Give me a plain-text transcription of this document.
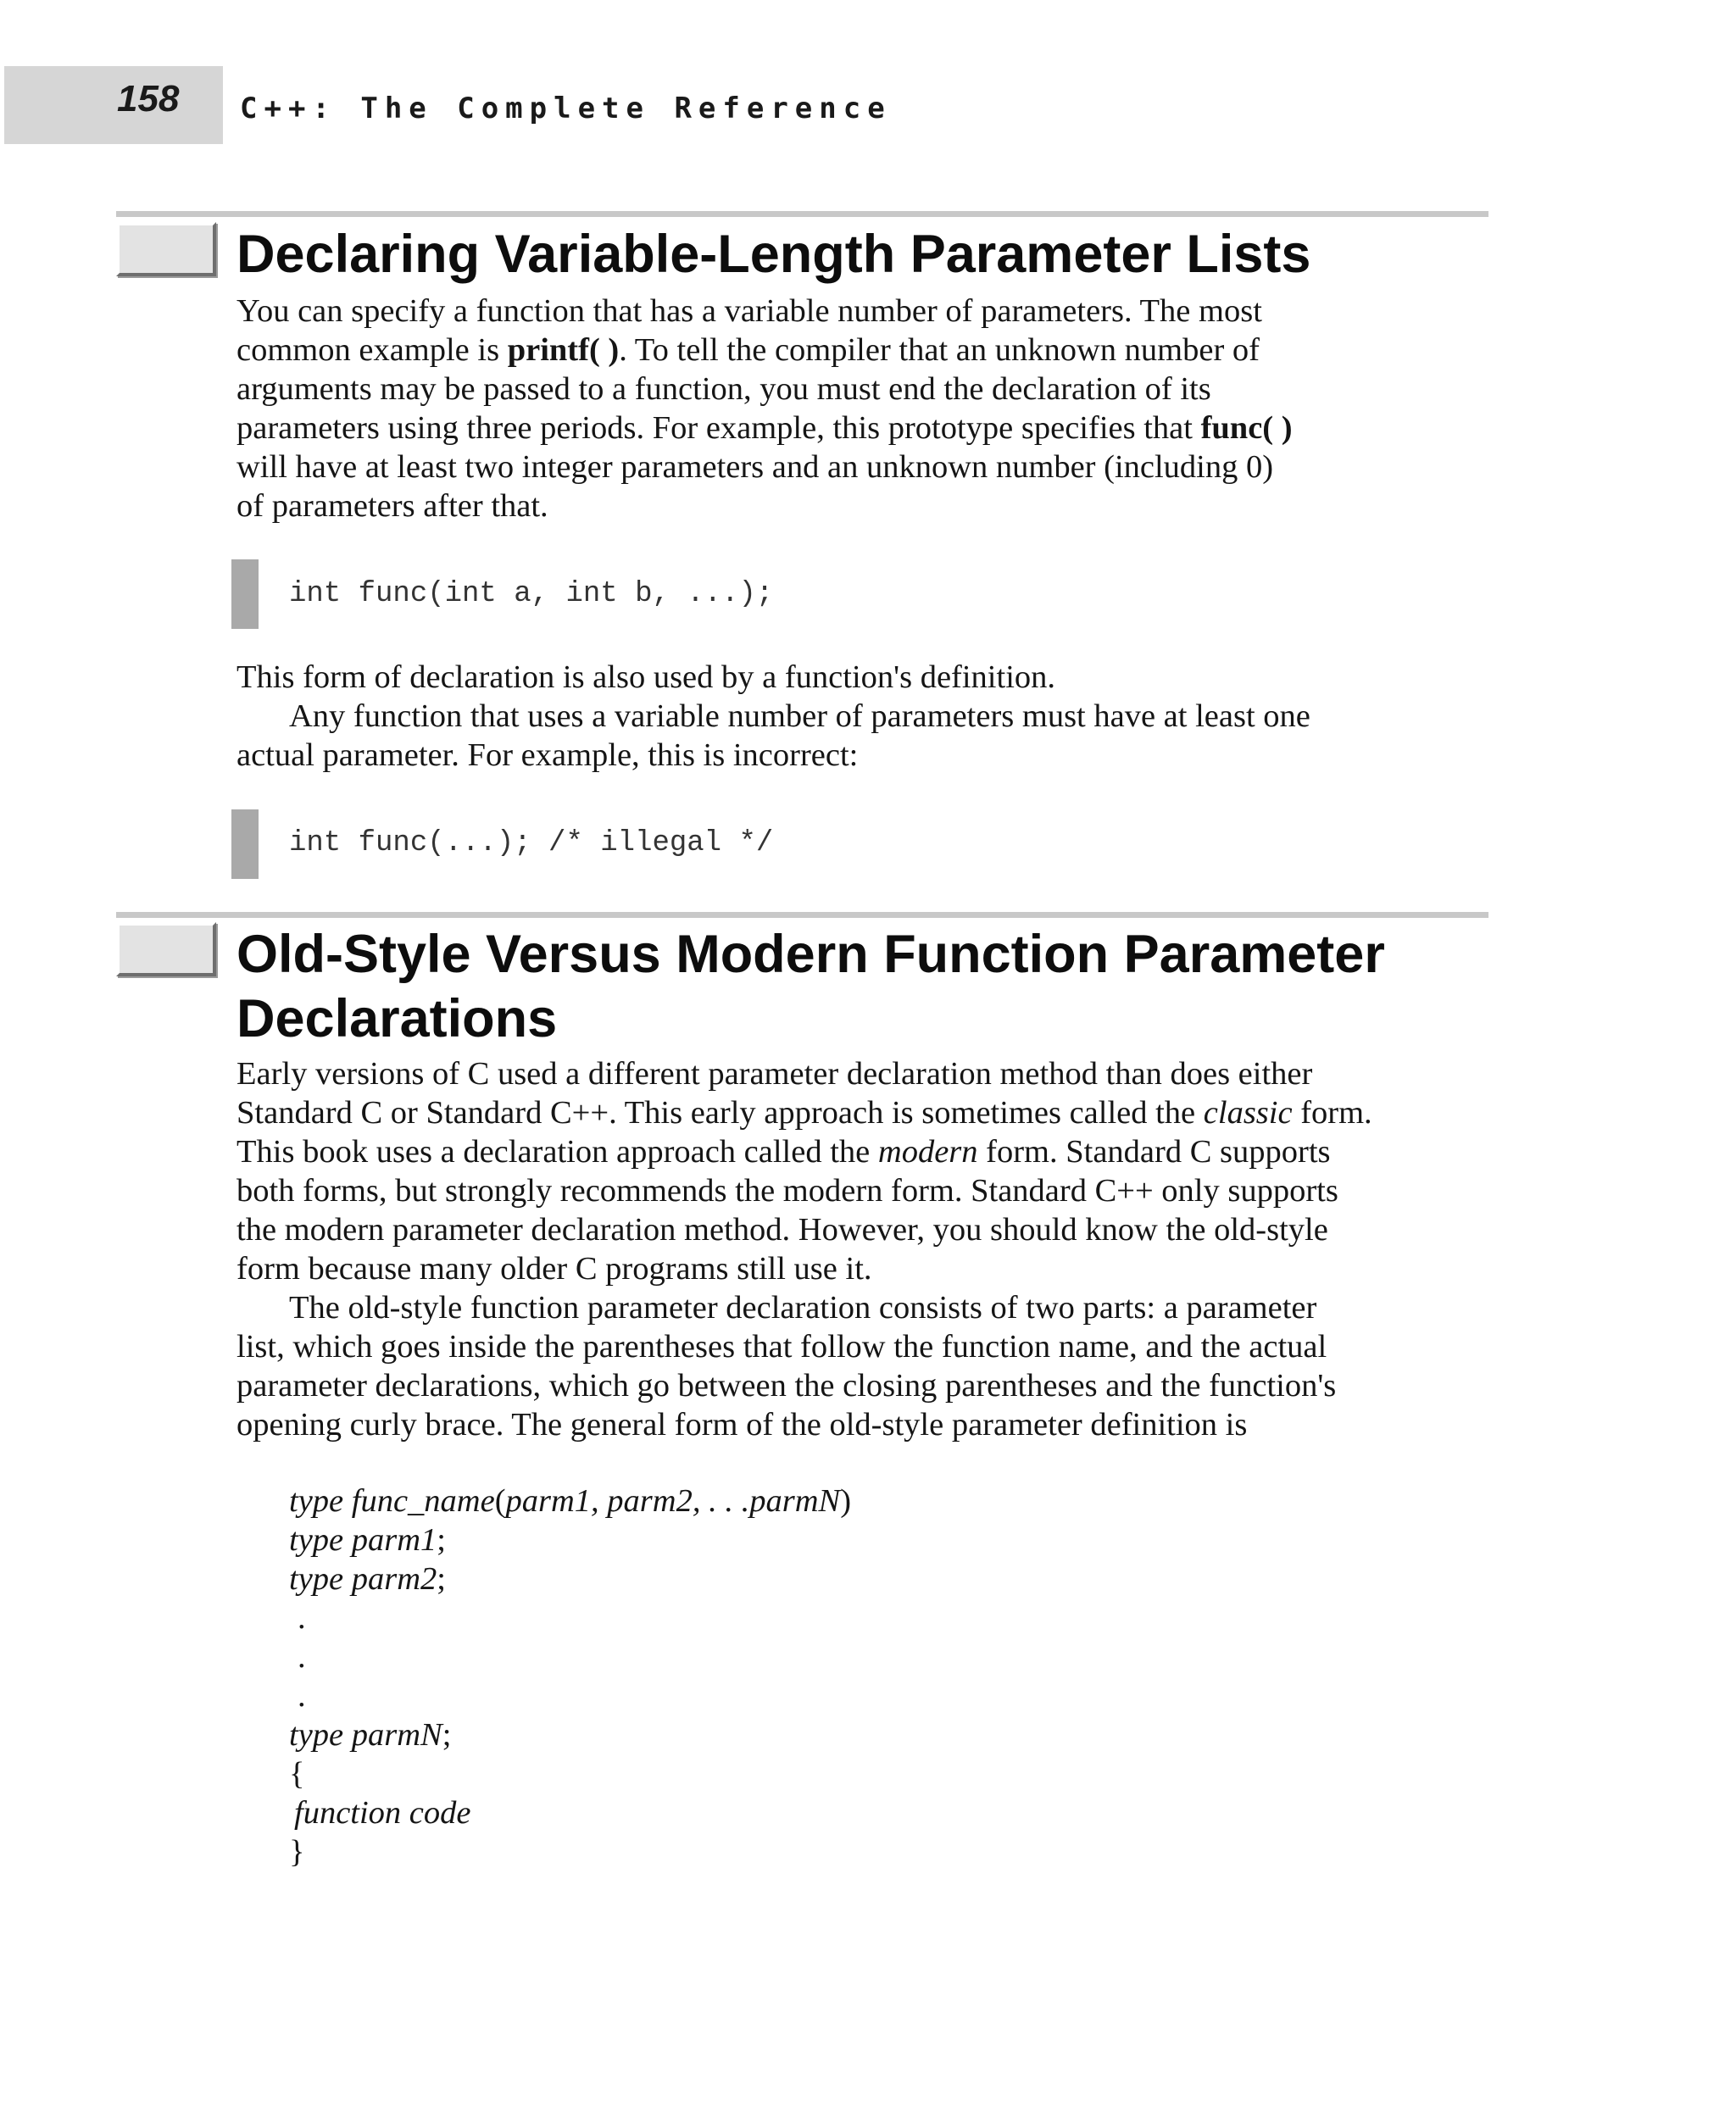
158	C++: The Complete Reference
Declaring Variable-Length Parameter Lists

You can specify a function that has a variable number of parameters. The most
common example is printf( ). To tell the compiler that an unknown number of
arguments may be passed to a function, you must end the declaration of its
parameters using three periods. For example, this prototype specifies that func( )
will have at least two integer parameters and an unknown number (including 0)
of parameters after that.

int func(int a, int b, ...);

This form of declaration is also used by a function's definition.

Any function that uses a variable number of parameters must have at least one
actual parameter. For example, this is incorrect:

int func(...); /* illegal */
Old-Style Versus Modern Function Parameter
Declarations

Early versions of C used a different parameter declaration method than does either
Standard C or Standard C++. This early approach is sometimes called the classic form.
This book uses a declaration approach called the modern form. Standard C supports
both forms, but strongly recommends the modern form. Standard C++ only supports
the modern parameter declaration method. However, you should know the old-style
form because many older C programs still use it.

The old-style function parameter declaration consists of two parts: a parameter
list, which goes inside the parentheses that follow the function name, and the actual
parameter declarations, which go between the closing parentheses and the function's
opening curly brace. The general form of the old-style parameter definition is

type func_name(parm1, parm2, . . .parmN)
type parm1;
type parm2;
.
.
.
type parmN;
{
function code
}
